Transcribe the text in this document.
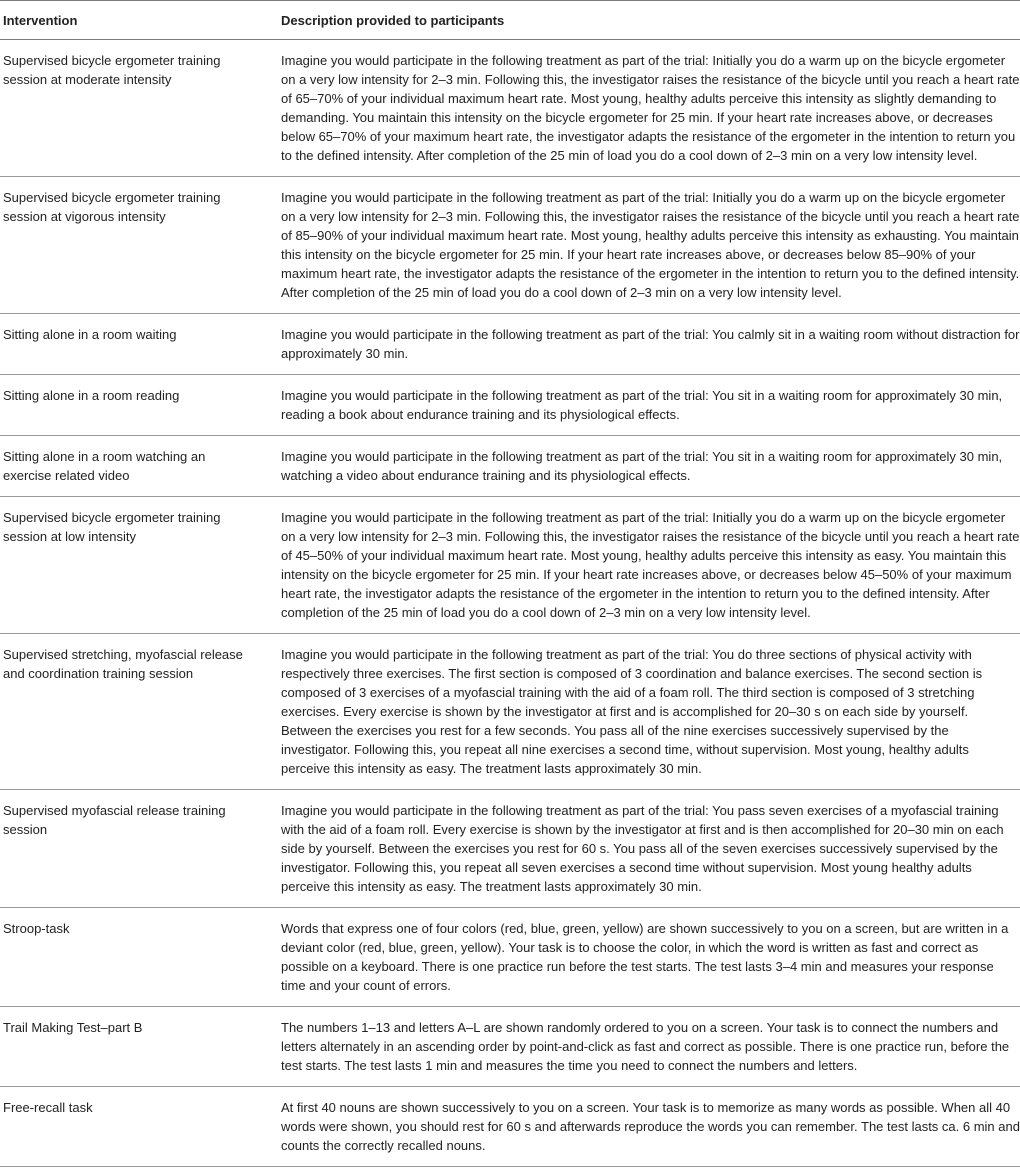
Intervention	Description provided to participants
Supervised bicycle ergometer training session at moderate intensity	Imagine you would participate in the following treatment as part of the trial: Initially you do a warm up on the bicycle ergometer on a very low intensity for 2–3 min. Following this, the investigator raises the resistance of the bicycle until you reach a heart rate of 65–70% of your individual maximum heart rate. Most young, healthy adults perceive this intensity as slightly demanding to demanding. You maintain this intensity on the bicycle ergometer for 25 min. If your heart rate increases above, or decreases below 65–70% of your maximum heart rate, the investigator adapts the resistance of the ergometer in the intention to return you to the defined intensity. After completion of the 25 min of load you do a cool down of 2–3 min on a very low intensity level.
Supervised bicycle ergometer training session at vigorous intensity	Imagine you would participate in the following treatment as part of the trial: Initially you do a warm up on the bicycle ergometer on a very low intensity for 2–3 min. Following this, the investigator raises the resistance of the bicycle until you reach a heart rate of 85–90% of your individual maximum heart rate. Most young, healthy adults perceive this intensity as exhausting. You maintain this intensity on the bicycle ergometer for 25 min. If your heart rate increases above, or decreases below 85–90% of your maximum heart rate, the investigator adapts the resistance of the ergometer in the intention to return you to the defined intensity. After completion of the 25 min of load you do a cool down of 2–3 min on a very low intensity level.
Sitting alone in a room waiting	Imagine you would participate in the following treatment as part of the trial: You calmly sit in a waiting room without distraction for approximately 30 min.
Sitting alone in a room reading	Imagine you would participate in the following treatment as part of the trial: You sit in a waiting room for approximately 30 min, reading a book about endurance training and its physiological effects.
Sitting alone in a room watching an exercise related video	Imagine you would participate in the following treatment as part of the trial: You sit in a waiting room for approximately 30 min, watching a video about endurance training and its physiological effects.
Supervised bicycle ergometer training session at low intensity	Imagine you would participate in the following treatment as part of the trial: Initially you do a warm up on the bicycle ergometer on a very low intensity for 2–3 min. Following this, the investigator raises the resistance of the bicycle until you reach a heart rate of 45–50% of your individual maximum heart rate. Most young, healthy adults perceive this intensity as easy. You maintain this intensity on the bicycle ergometer for 25 min. If your heart rate increases above, or decreases below 45–50% of your maximum heart rate, the investigator adapts the resistance of the ergometer in the intention to return you to the defined intensity. After completion of the 25 min of load you do a cool down of 2–3 min on a very low intensity level.
Supervised stretching, myofascial release and coordination training session	Imagine you would participate in the following treatment as part of the trial: You do three sections of physical activity with respectively three exercises. The first section is composed of 3 coordination and balance exercises. The second section is composed of 3 exercises of a myofascial training with the aid of a foam roll. The third section is composed of 3 stretching exercises. Every exercise is shown by the investigator at first and is accomplished for 20–30 s on each side by yourself. Between the exercises you rest for a few seconds. You pass all of the nine exercises successively supervised by the investigator. Following this, you repeat all nine exercises a second time, without supervision. Most young, healthy adults perceive this intensity as easy. The treatment lasts approximately 30 min.
Supervised myofascial release training session	Imagine you would participate in the following treatment as part of the trial: You pass seven exercises of a myofascial training with the aid of a foam roll. Every exercise is shown by the investigator at first and is then accomplished for 20–30 min on each side by yourself. Between the exercises you rest for 60 s. You pass all of the seven exercises successively supervised by the investigator. Following this, you repeat all seven exercises a second time without supervision. Most young healthy adults perceive this intensity as easy. The treatment lasts approximately 30 min.
Stroop-task	Words that express one of four colors (red, blue, green, yellow) are shown successively to you on a screen, but are written in a deviant color (red, blue, green, yellow). Your task is to choose the color, in which the word is written as fast and correct as possible on a keyboard. There is one practice run before the test starts. The test lasts 3–4 min and measures your response time and your count of errors.
Trail Making Test–part B	The numbers 1–13 and letters A–L are shown randomly ordered to you on a screen. Your task is to connect the numbers and letters alternately in an ascending order by point-and-click as fast and correct as possible. There is one practice run, before the test starts. The test lasts 1 min and measures the time you need to connect the numbers and letters.
Free-recall task	At first 40 nouns are shown successively to you on a screen. Your task is to memorize as many words as possible. When all 40 words were shown, you should rest for 60 s and afterwards reproduce the words you can remember. The test lasts ca. 6 min and counts the correctly recalled nouns.
